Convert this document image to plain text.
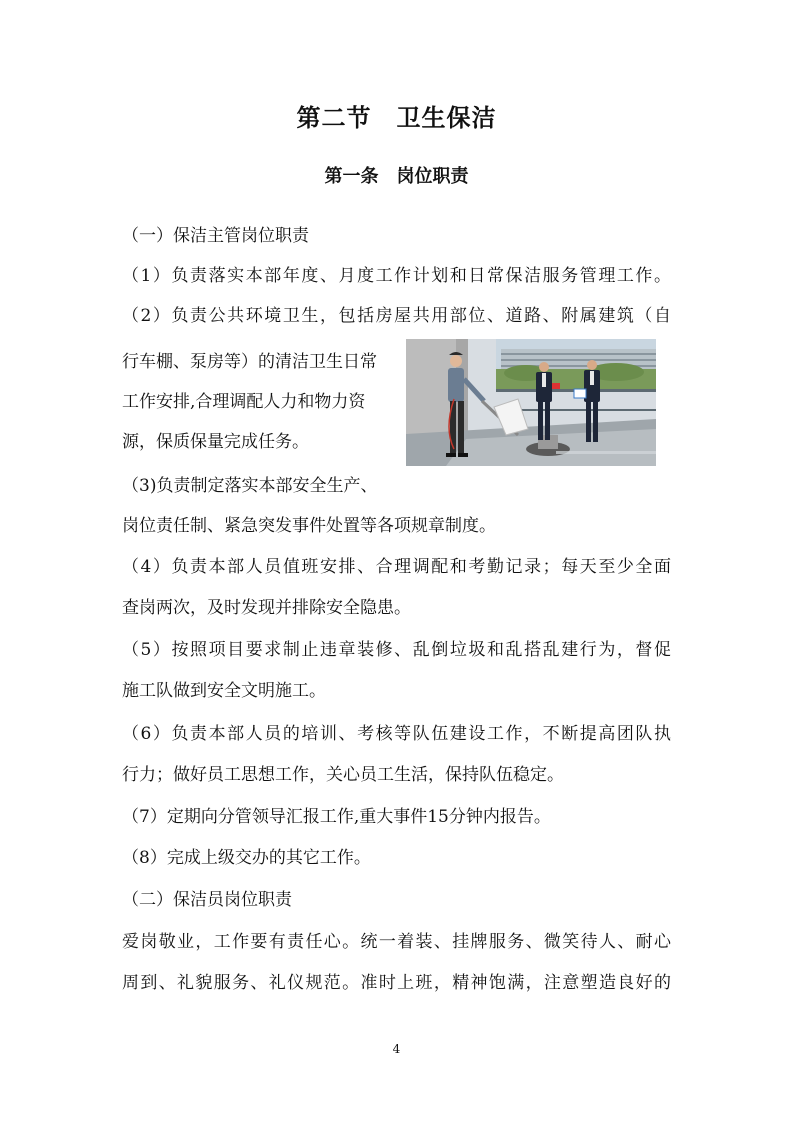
第二节　卫生保洁
第一条　岗位职责
（一）保洁主管岗位职责
（1）负责落实本部年度、月度工作计划和日常保洁服务管理工作。
（2）负责公共环境卫生，包括房屋共用部位、道路、附属建筑（自
行车棚、泵房等）的清洁卫生日常
工作安排,合理调配人力和物力资
源，保质保量完成任务。
（3)负责制定落实本部安全生产、
岗位责任制、紧急突发事件处置等各项规章制度。
（4）负责本部人员值班安排、合理调配和考勤记录；每天至少全面
查岗两次，及时发现并排除安全隐患。
（5）按照项目要求制止违章装修、乱倒垃圾和乱搭乱建行为，督促
施工队做到安全文明施工。
（6）负责本部人员的培训、考核等队伍建设工作，不断提高团队执
行力；做好员工思想工作，关心员工生活，保持队伍稳定。
（7）定期向分管领导汇报工作,重大事件15分钟内报告。
（8）完成上级交办的其它工作。
（二）保洁员岗位职责
爱岗敬业，工作要有责任心。统一着装、挂牌服务、微笑待人、耐心
周到、礼貌服务、礼仪规范。准时上班，精神饱满，注意塑造良好的
4
